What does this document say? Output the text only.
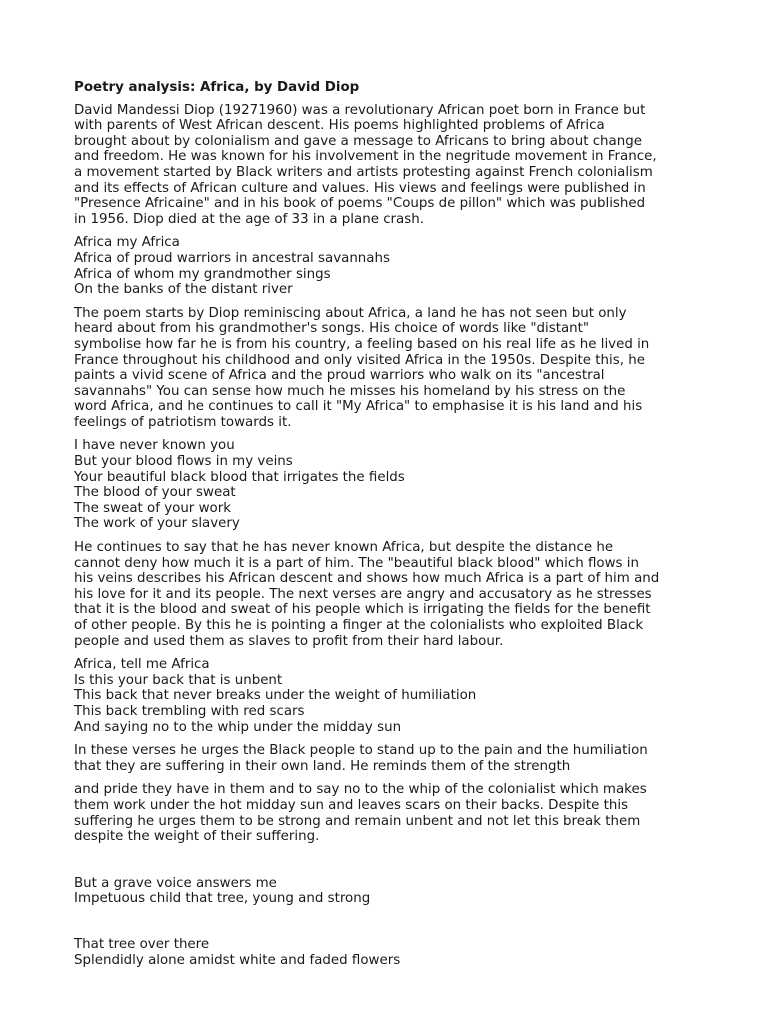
Poetry analysis: Africa, by David Diop
David Mandessi Diop (19271960) was a revolutionary African poet born in France but
with parents of West African descent. His poems highlighted problems of Africa
brought about by colonialism and gave a message to Africans to bring about change
and freedom. He was known for his involvement in the negritude movement in France,
a movement started by Black writers and artists protesting against French colonialism
and its effects of African culture and values. His views and feelings were published in
"Presence Africaine" and in his book of poems "Coups de pillon" which was published
in 1956. Diop died at the age of 33 in a plane crash.
Africa my Africa
Africa of proud warriors in ancestral savannahs
Africa of whom my grandmother sings
On the banks of the distant river
The poem starts by Diop reminiscing about Africa, a land he has not seen but only
heard about from his grandmother's songs. His choice of words like "distant"
symbolise how far he is from his country, a feeling based on his real life as he lived in
France throughout his childhood and only visited Africa in the 1950s. Despite this, he
paints a vivid scene of Africa and the proud warriors who walk on its "ancestral
savannahs" You can sense how much he misses his homeland by his stress on the
word Africa, and he continues to call it "My Africa" to emphasise it is his land and his
feelings of patriotism towards it.
I have never known you
But your blood flows in my veins
Your beautiful black blood that irrigates the fields
The blood of your sweat
The sweat of your work
The work of your slavery
He continues to say that he has never known Africa, but despite the distance he
cannot deny how much it is a part of him. The "beautiful black blood" which flows in
his veins describes his African descent and shows how much Africa is a part of him and
his love for it and its people. The next verses are angry and accusatory as he stresses
that it is the blood and sweat of his people which is irrigating the fields for the benefit
of other people. By this he is pointing a finger at the colonialists who exploited Black
people and used them as slaves to profit from their hard labour.
Africa, tell me Africa
Is this your back that is unbent
This back that never breaks under the weight of humiliation
This back trembling with red scars
And saying no to the whip under the midday sun
In these verses he urges the Black people to stand up to the pain and the humiliation
that they are suffering in their own land. He reminds them of the strength
and pride they have in them and to say no to the whip of the colonialist which makes
them work under the hot midday sun and leaves scars on their backs. Despite this
suffering he urges them to be strong and remain unbent and not let this break them
despite the weight of their suffering.
But a grave voice answers me
Impetuous child that tree, young and strong
That tree over there
Splendidly alone amidst white and faded flowers
